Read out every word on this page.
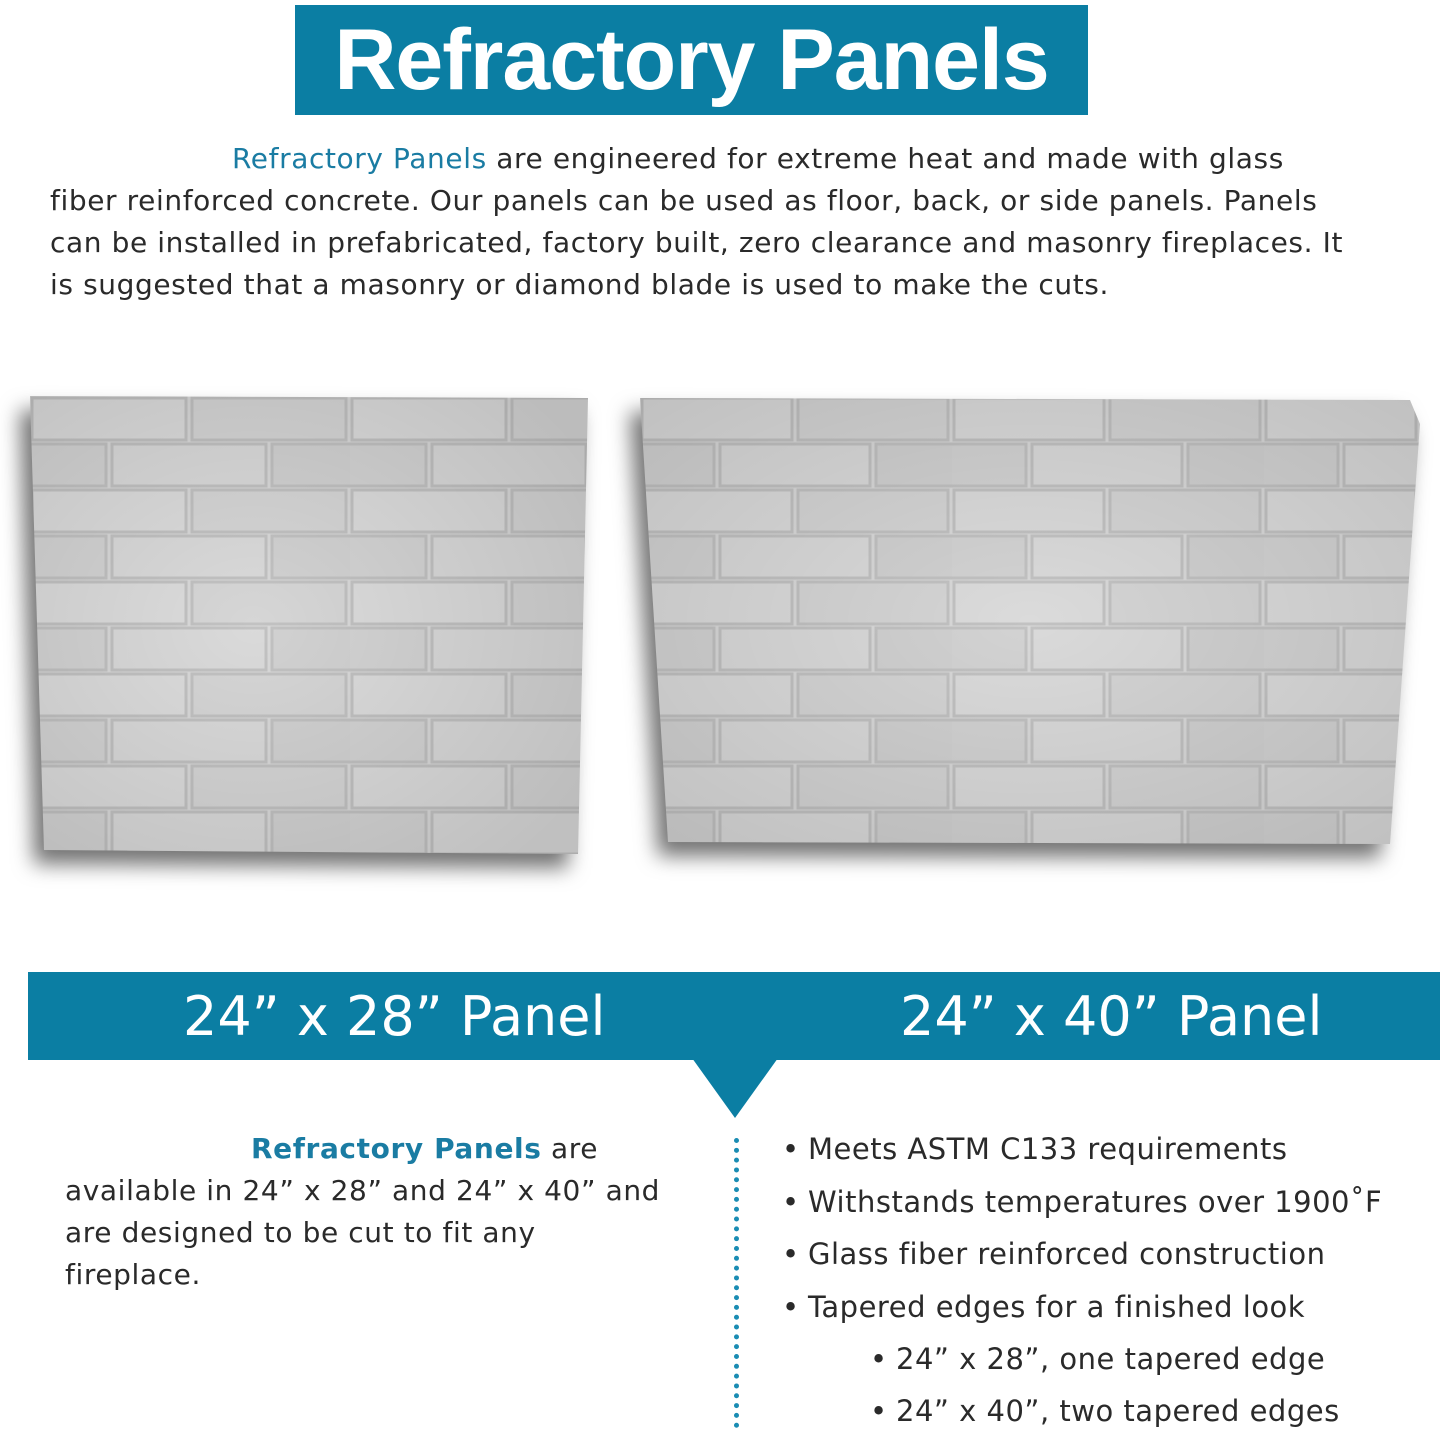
Refractory Panels
Refractory Panels are engineered for extreme heat and made with glass fiber reinforced concrete. Our panels can be used as floor, back, or side panels. Panels can be installed in prefabricated, factory built, zero clearance and masonry fireplaces. It is suggested that a masonry or diamond blade is used to make the cuts.
24” x 28” Panel	24” x 40” Panel
Refractory Panels are available in 24” x 28” and 24” x 40” and are designed to be cut to fit any fireplace.
• Meets ASTM C133 requirements
• Withstands temperatures over 1900˚F
• Glass fiber reinforced construction
• Tapered edges for a finished look
• 24” x 28”, one tapered edge
• 24” x 40”, two tapered edges
